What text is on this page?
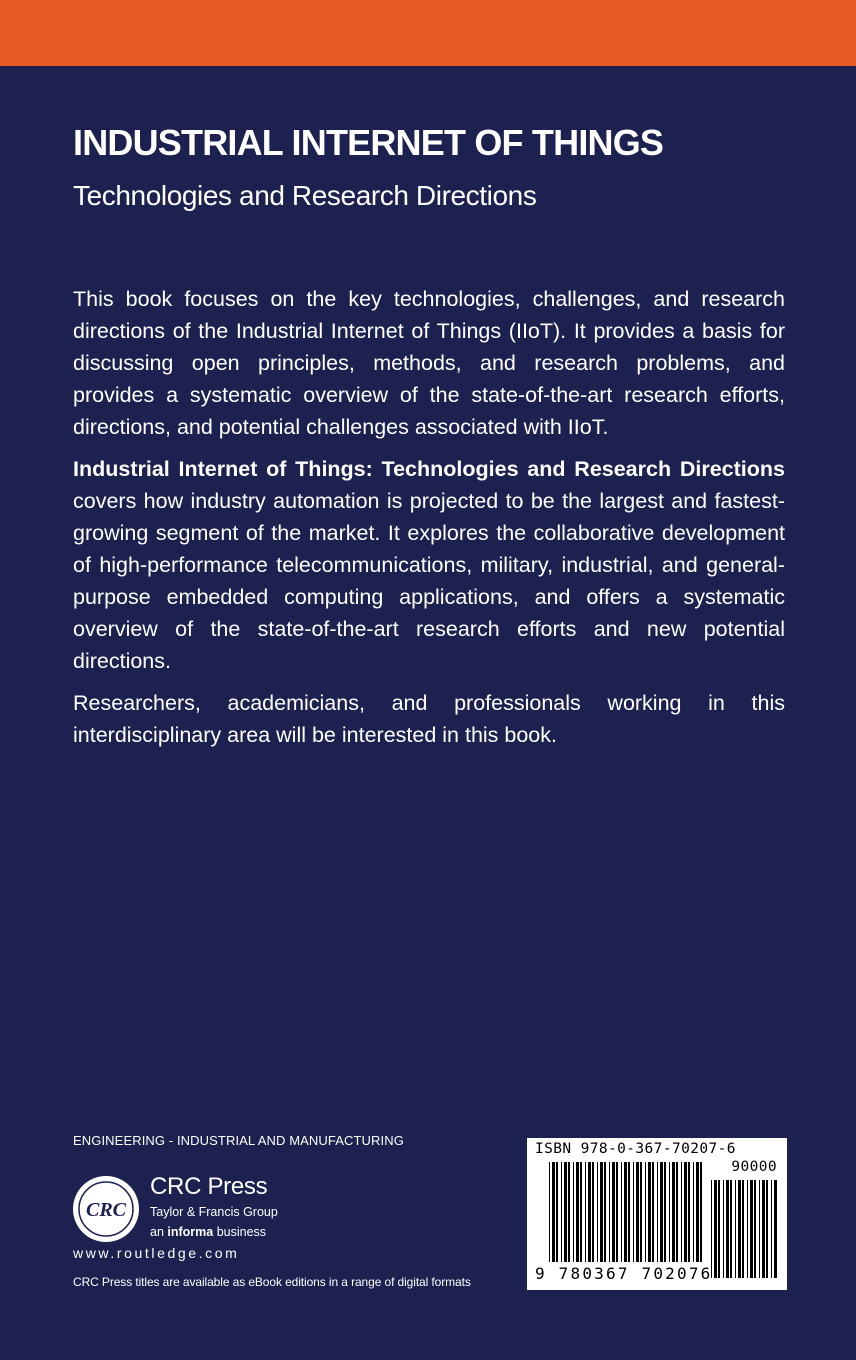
INDUSTRIAL INTERNET OF THINGS
Technologies and Research Directions

This book focuses on the key technologies, challenges, and research directions of the Industrial Internet of Things (IIoT). It provides a basis for discussing open principles, methods, and research problems, and provides a systematic overview of the state-of-the-art research efforts, directions, and potential challenges associated with IIoT.

Industrial Internet of Things: Technologies and Research Directions covers how industry automation is projected to be the largest and fastest-growing segment of the market. It explores the collaborative development of high-performance telecommunications, military, industrial, and general-purpose embedded computing applications, and offers a systematic overview of the state-of-the-art research efforts and new potential directions.

Researchers, academicians, and professionals working in this interdisciplinary area will be interested in this book.

ENGINEERING - INDUSTRIAL AND MANUFACTURING
CRC
CRC Press
Taylor & Francis Group
an informa business
www.routledge.com
CRC Press titles are available as eBook editions in a range of digital formats
ISBN 978-0-367-70207-6
90000
9 780367 702076
